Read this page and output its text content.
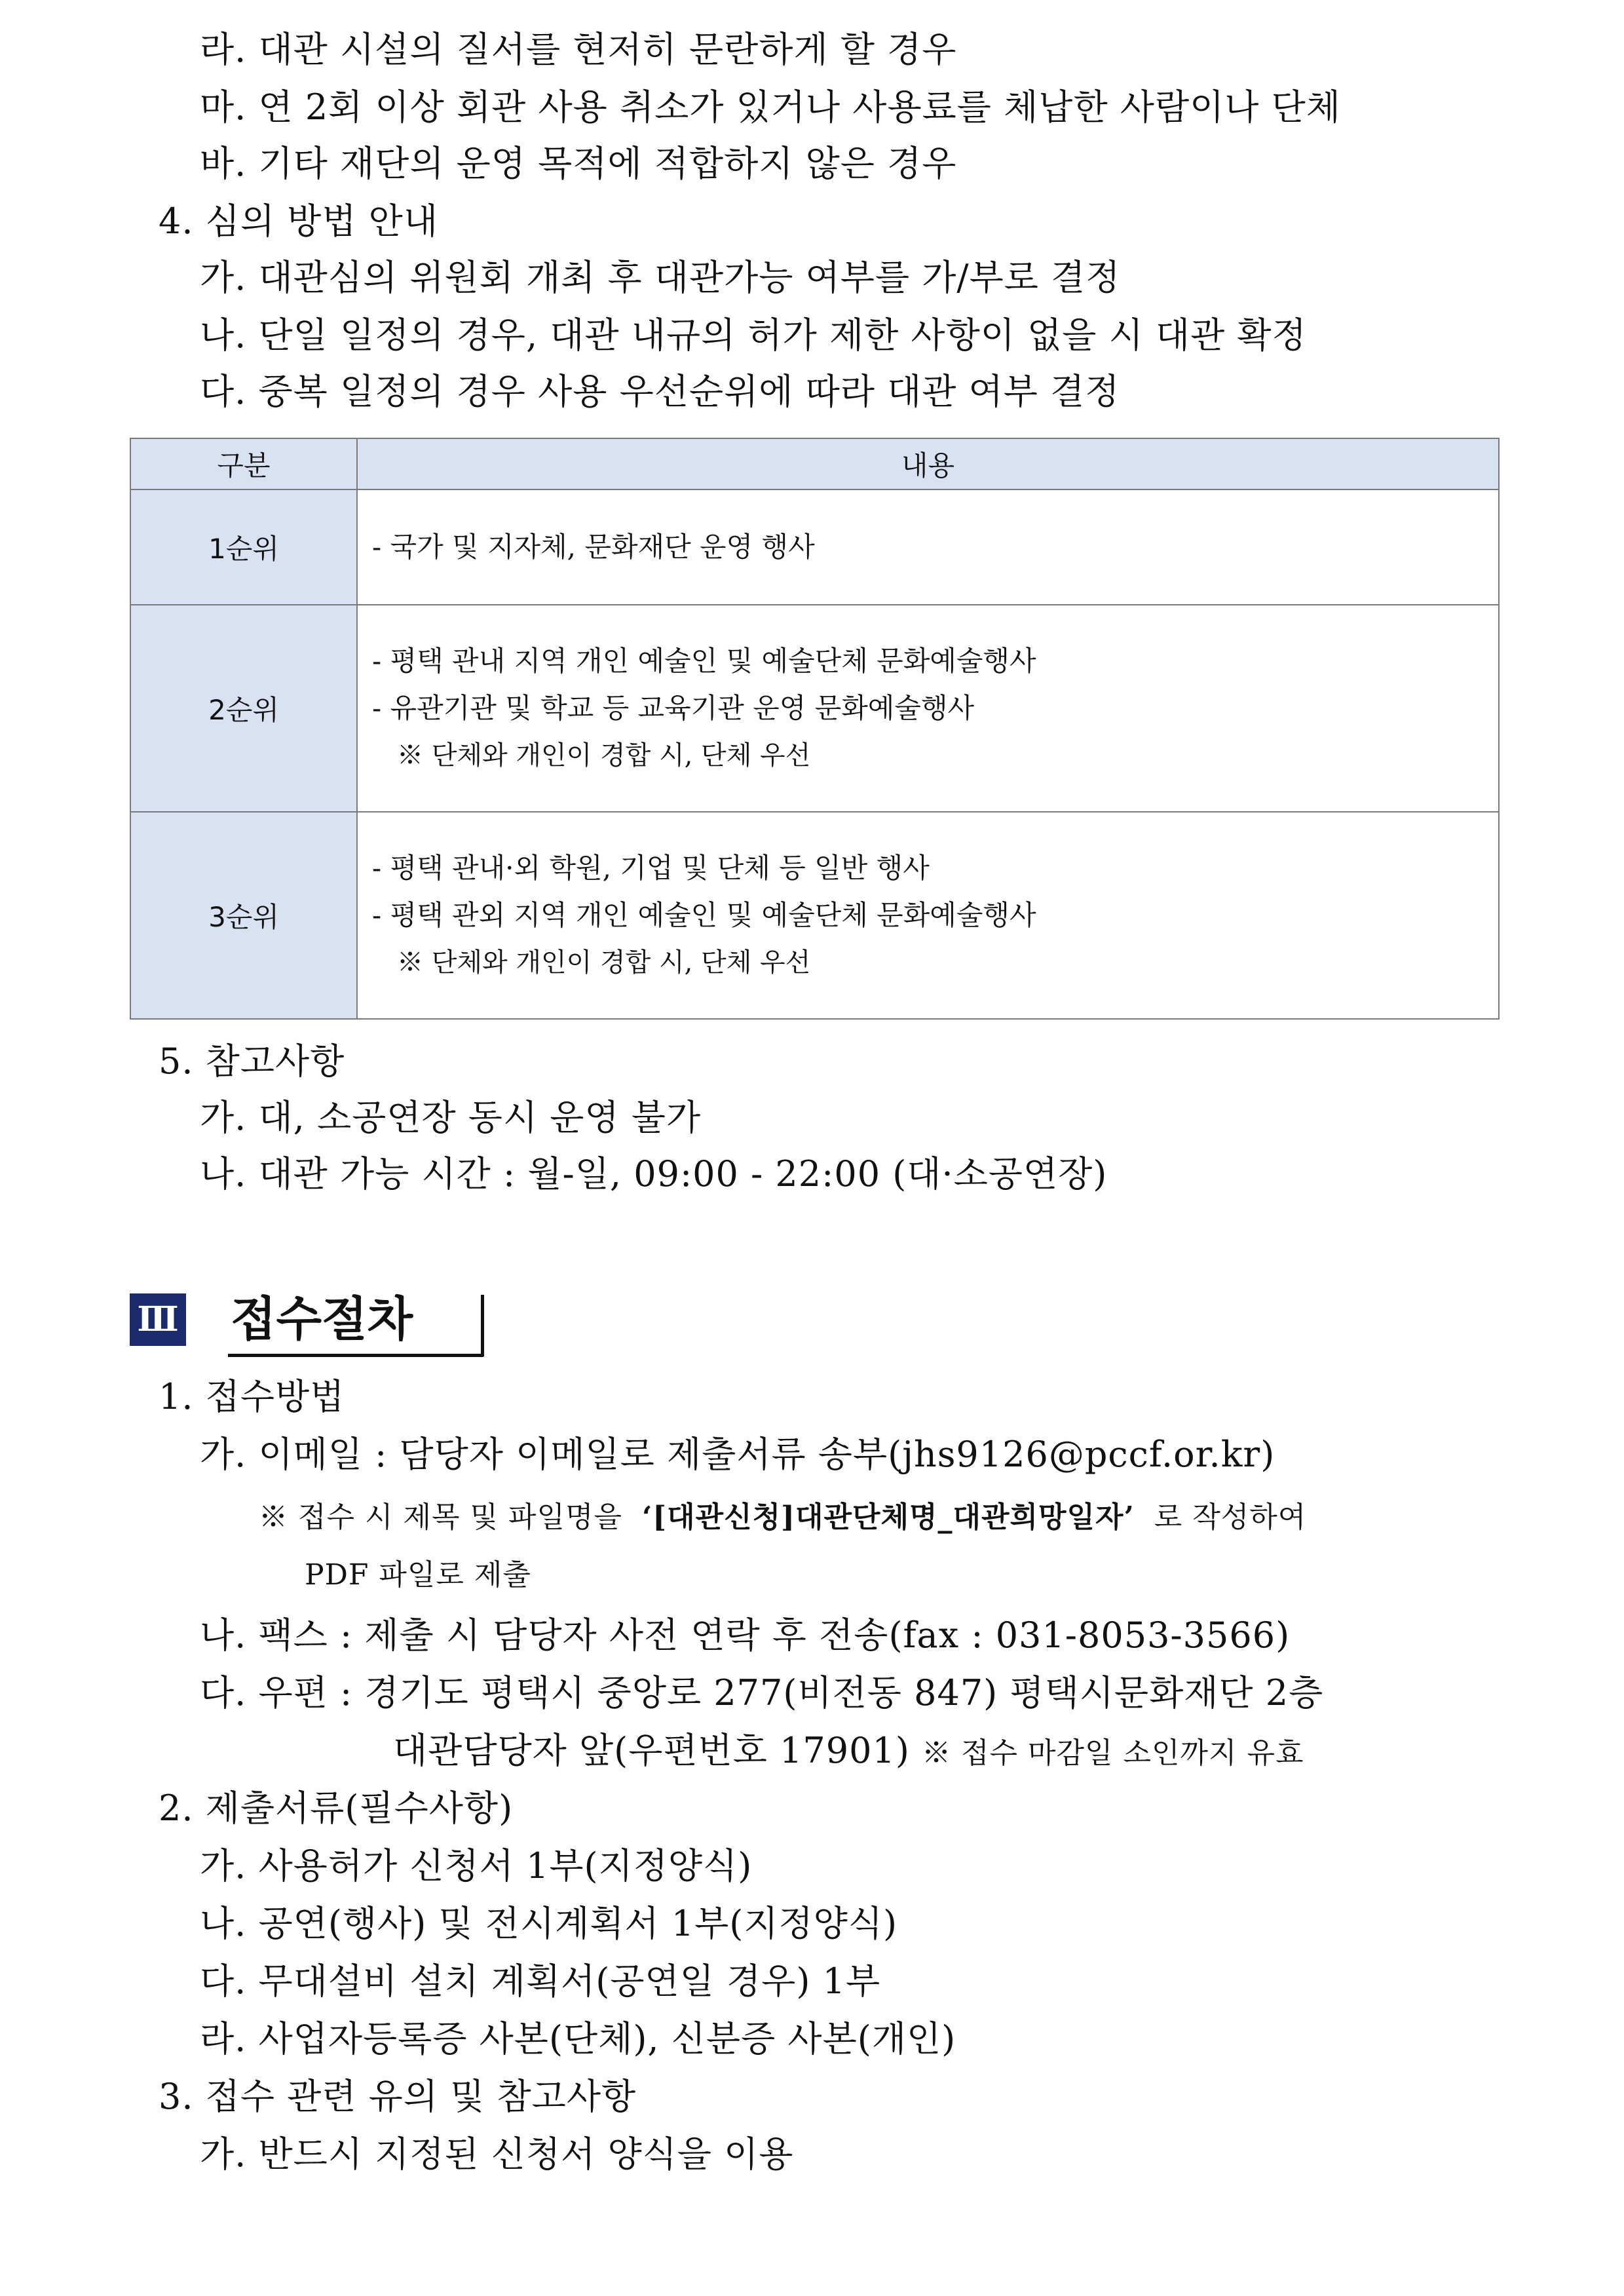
라. 대관 시설의 질서를 현저히 문란하게 할 경우
마. 연 2회 이상 회관 사용 취소가 있거나 사용료를 체납한 사람이나 단체
바. 기타 재단의 운영 목적에 적합하지 않은 경우
4. 심의 방법 안내
가. 대관심의 위원회 개최 후 대관가능 여부를 가/부로 결정
나. 단일 일정의 경우, 대관 내규의 허가 제한 사항이 없을 시 대관 확정
다. 중복 일정의 경우 사용 우선순위에 따라 대관 여부 결정
구분	내용
1순위	- 국가 및 지자체, 문화재단 운영 행사

2순위	- 평택 관내 지역 개인 예술인 및 예술단체 문화예술행사
- 유관기관 및 학교 등 교육기관 운영 문화예술행사
※ 단체와 개인이 경합 시, 단체 우선

3순위	- 평택 관내·외 학원, 기업 및 단체 등 일반 행사
- 평택 관외 지역 개인 예술인 및 예술단체 문화예술행사
※ 단체와 개인이 경합 시, 단체 우선
5. 참고사항
가. 대, 소공연장 동시 운영 불가
나. 대관 가능 시간 : 월-일, 09:00 - 22:00 (대·소공연장)
Ⅲ 접수절차
1. 접수방법
가. 이메일 : 담당자 이메일로 제출서류 송부(jhs9126@pccf.or.kr)
※ 접수 시 제목 및 파일명을 ‘[대관신청]대관단체명_대관희망일자’ 로 작성하여
PDF 파일로 제출
나. 팩스 : 제출 시 담당자 사전 연락 후 전송(fax : 031-8053-3566)
다. 우편 : 경기도 평택시 중앙로 277(비전동 847) 평택시문화재단 2층
대관담당자 앞(우편번호 17901) ※ 접수 마감일 소인까지 유효
2. 제출서류(필수사항)
가. 사용허가 신청서 1부(지정양식)
나. 공연(행사) 및 전시계획서 1부(지정양식)
다. 무대설비 설치 계획서(공연일 경우) 1부
라. 사업자등록증 사본(단체), 신분증 사본(개인)
3. 접수 관련 유의 및 참고사항
가. 반드시 지정된 신청서 양식을 이용
